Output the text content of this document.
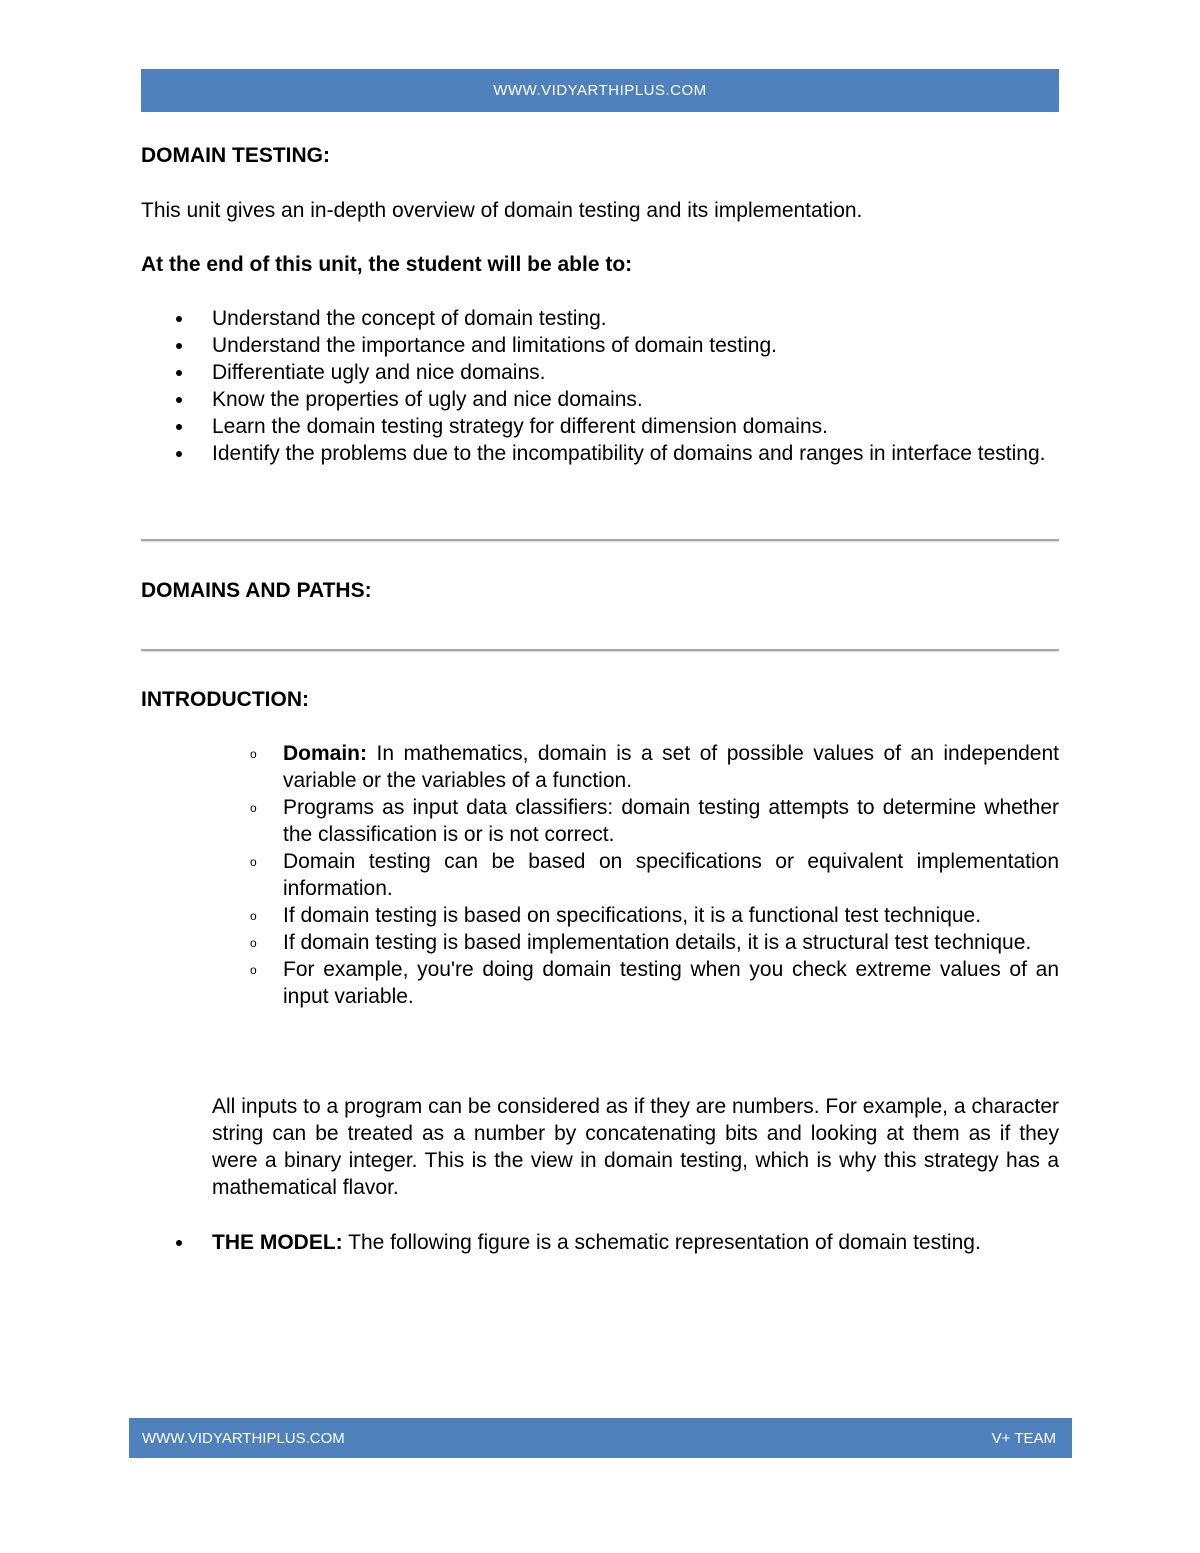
WWW.VIDYARTHIPLUS.COM
DOMAIN TESTING:
This unit gives an in-depth overview of domain testing and its implementation.
At the end of this unit, the student will be able to:
Understand the concept of domain testing.
Understand the importance and limitations of domain testing.
Differentiate ugly and nice domains.
Know the properties of ugly and nice domains.
Learn the domain testing strategy for different dimension domains.
Identify the problems due to the incompatibility of domains and ranges in interface testing.
DOMAINS AND PATHS:
INTRODUCTION:
o Domain: In mathematics, domain is a set of possible values of an independent variable or the variables of a function.
o Programs as input data classifiers: domain testing attempts to determine whether the classification is or is not correct.
o Domain testing can be based on specifications or equivalent implementation information.
o If domain testing is based on specifications, it is a functional test technique.
o If domain testing is based implementation details, it is a structural test technique.
o For example, you're doing domain testing when you check extreme values of an input variable.
All inputs to a program can be considered as if they are numbers. For example, a character string can be treated as a number by concatenating bits and looking at them as if they were a binary integer. This is the view in domain testing, which is why this strategy has a mathematical flavor.
THE MODEL: The following figure is a schematic representation of domain testing.
WWW.VIDYARTHIPLUS.COM	V+ TEAM
